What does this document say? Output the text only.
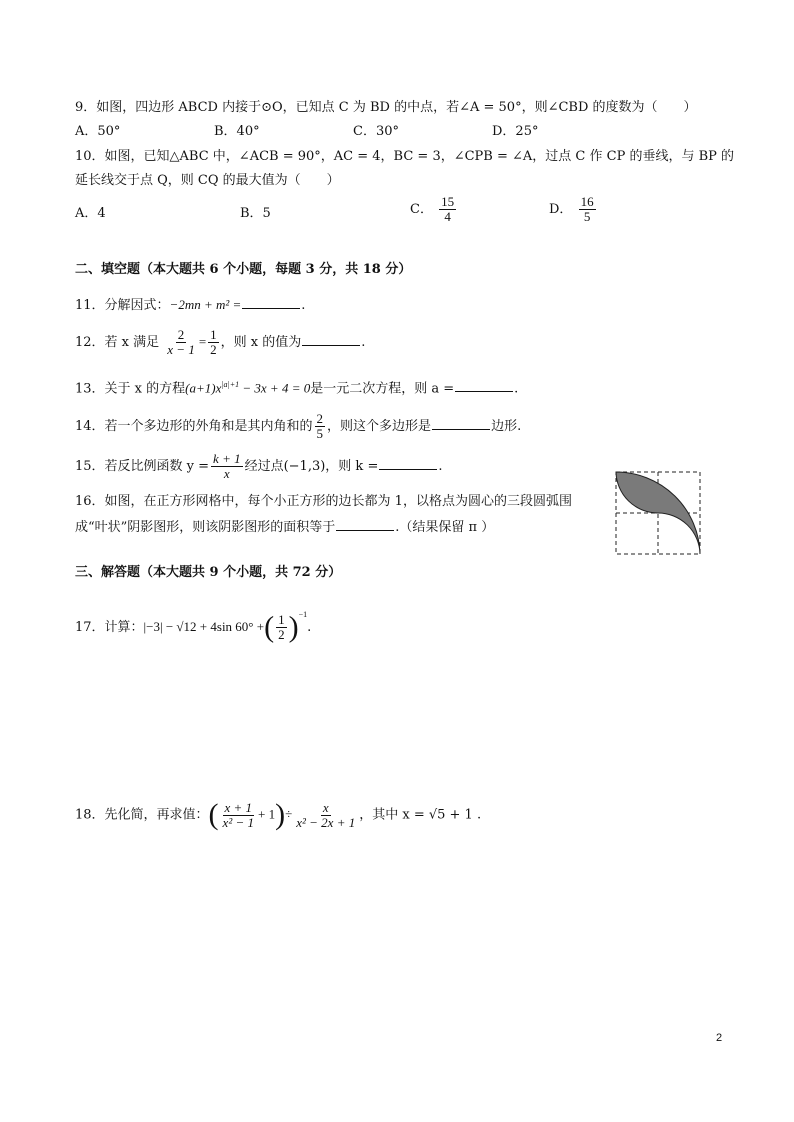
9．如图，四边形 ABCD 内接于⊙O，已知点 C 为 BD 的中点，若∠A = 50°，则∠CBD 的度数为（　　）
A．50°	B．40°	C．30°	D．25°
10．如图，已知△ABC 中，∠ACB = 90°，AC = 4，BC = 3，∠CPB = ∠A，过点 C 作 CP 的垂线，与 BP 的
延长线交于点 Q，则 CQ 的最大值为（　　）
A．4	B．5	C． $\frac{15}{4}$	D． $\frac{16}{5}$
二、填空题（本大题共 6 个小题，每题 3 分，共 18 分）
11．分解因式：−2mn + m² =	.
12．若 x 满足 $\frac{2}{x - 1} = \frac{1}{2}$ ，则 x 的值为	.
13．关于 x 的方程$(a+1)x^{|a|+1} - 3x + 4 = 0$是一元二次方程，则 a =	.
14．若一个多边形的外角和是其内角和的 $\frac{2}{5}$ ，则这个多边形是	边形.
15．若反比例函数 $y = \frac{k + 1}{x}$ 经过点(−1,3)，则 k =	.
16．如图，在正方形网格中，每个小正方形的边长都为 1，以格点为圆心的三段圆弧围
成“叶状”阴影图形，则该阴影图形的面积等于	.（结果保留 π ）
三、解答题（本大题共 9 个小题，共 72 分）
17．计算：|−3| − √12 + 4sin 60° +( $\frac{1}{2} )^{-1}$.
18．先化简，再求值：( $\frac{x + 1}{\text{x² − 1}} + 1)\div \frac{x}{\text{x² − 2x + 1}}$ ，其中 x = √5 + 1 .
2
